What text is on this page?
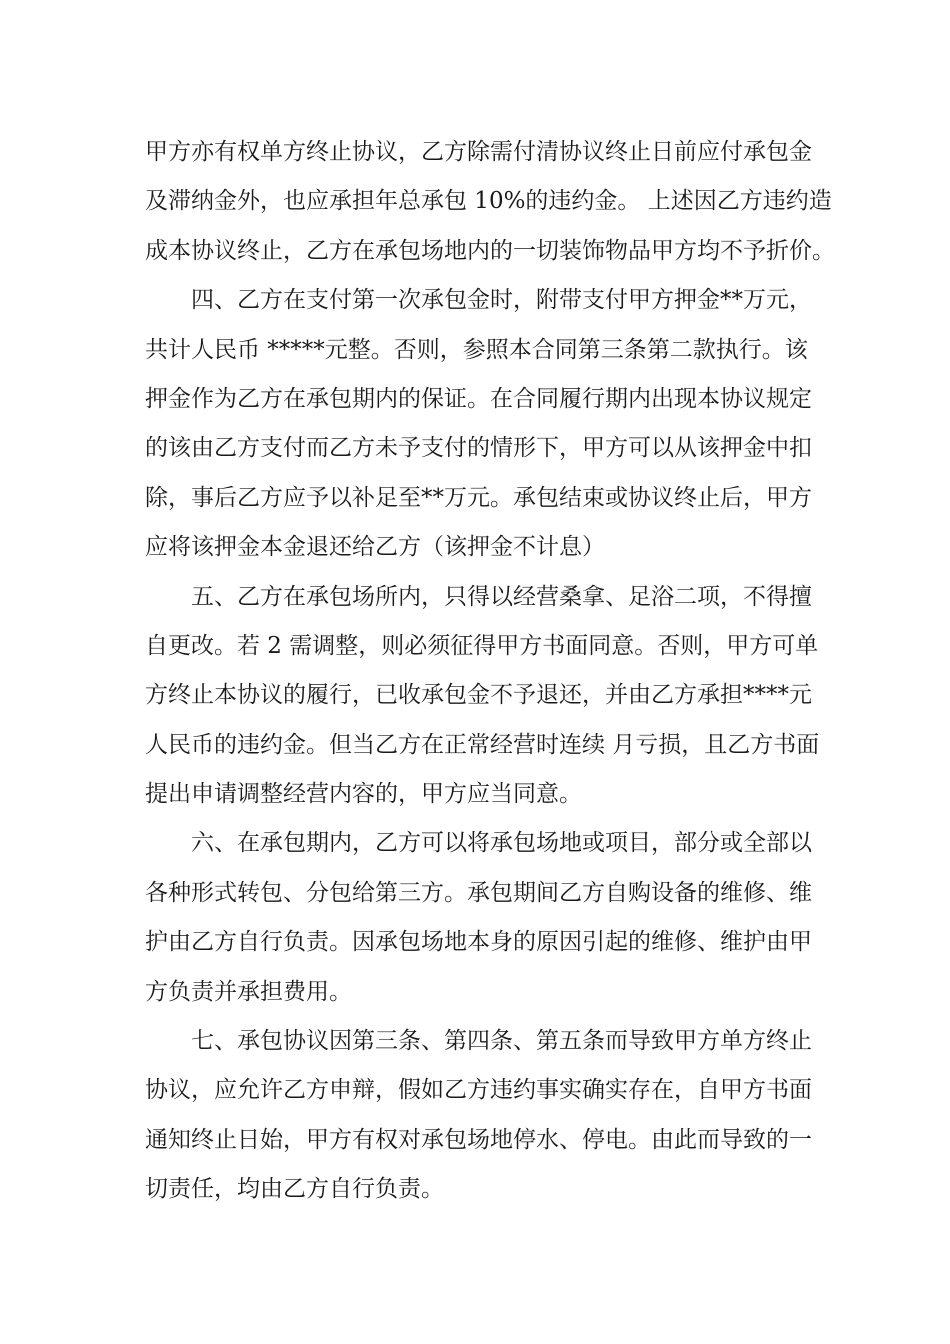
甲方亦有权单方终止协议，乙方除需付清协议终止日前应付承包金
及滞纳金外，也应承担年总承包 10%的违约金。 上述因乙方违约造
成本协议终止，乙方在承包场地内的一切装饰物品甲方均不予折价。
四、乙方在支付第一次承包金时，附带支付甲方押金**万元，
共计人民币 *****元整。否则，参照本合同第三条第二款执行。该
押金作为乙方在承包期内的保证。在合同履行期内出现本协议规定
的该由乙方支付而乙方未予支付的情形下，甲方可以从该押金中扣
除，事后乙方应予以补足至**万元。承包结束或协议终止后，甲方
应将该押金本金退还给乙方（该押金不计息）
五、乙方在承包场所内，只得以经营桑拿、足浴二项，不得擅
自更改。若 2 需调整，则必须征得甲方书面同意。否则，甲方可单
方终止本协议的履行，已收承包金不予退还，并由乙方承担****元
人民币的违约金。但当乙方在正常经营时连续 月亏损，且乙方书面
提出申请调整经营内容的，甲方应当同意。
六、在承包期内，乙方可以将承包场地或项目，部分或全部以
各种形式转包、分包给第三方。承包期间乙方自购设备的维修、维
护由乙方自行负责。因承包场地本身的原因引起的维修、维护由甲
方负责并承担费用。
七、承包协议因第三条、第四条、第五条而导致甲方单方终止
协议，应允许乙方申辩，假如乙方违约事实确实存在，自甲方书面
通知终止日始，甲方有权对承包场地停水、停电。由此而导致的一
切责任，均由乙方自行负责。
